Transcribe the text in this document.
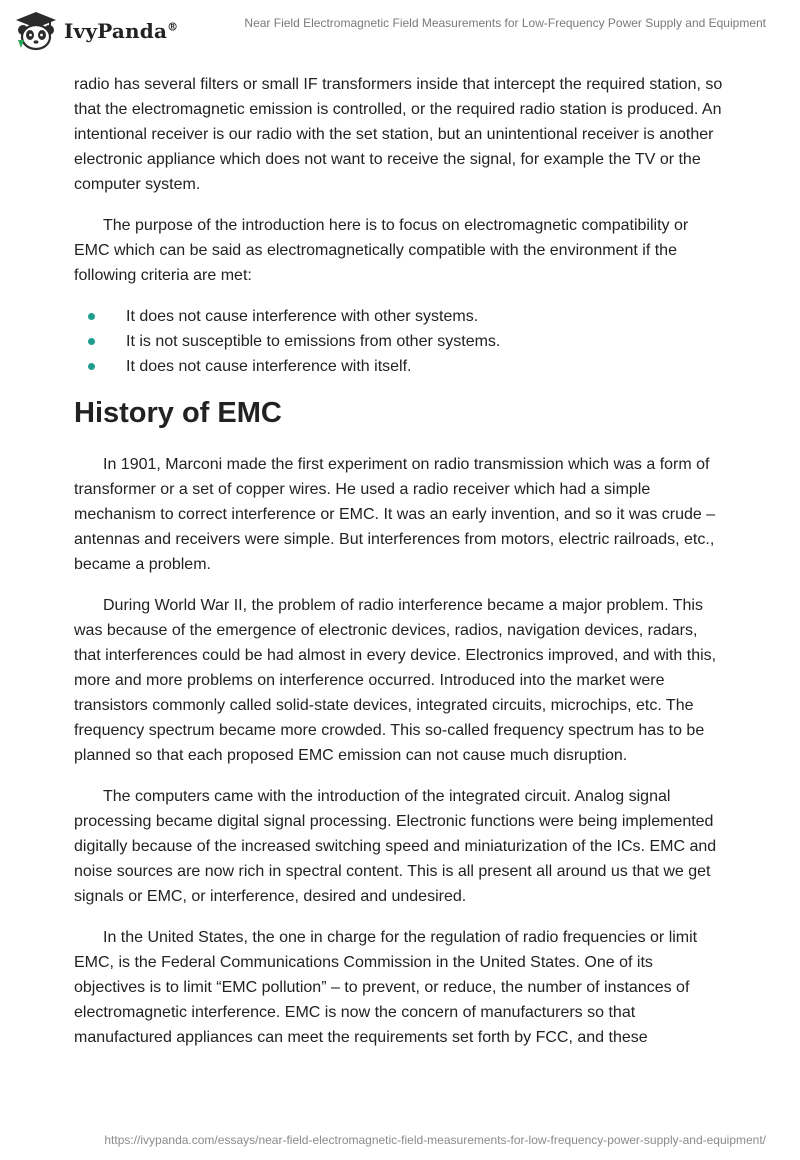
IvyPanda®	Near Field Electromagnetic Field Measurements for Low-Frequency Power Supply and Equipment

radio has several filters or small IF transformers inside that intercept the required station, so that the electromagnetic emission is controlled, or the required radio station is produced. An intentional receiver is our radio with the set station, but an unintentional receiver is another electronic appliance which does not want to receive the signal, for example the TV or the computer system.

The purpose of the introduction here is to focus on electromagnetic compatibility or EMC which can be said as electromagnetically compatible with the environment if the following criteria are met:

It does not cause interference with other systems.
It is not susceptible to emissions from other systems.
It does not cause interference with itself.
History of EMC

In 1901, Marconi made the first experiment on radio transmission which was a form of transformer or a set of copper wires. He used a radio receiver which had a simple mechanism to correct interference or EMC. It was an early invention, and so it was crude – antennas and receivers were simple. But interferences from motors, electric railroads, etc., became a problem.

During World War II, the problem of radio interference became a major problem. This was because of the emergence of electronic devices, radios, navigation devices, radars, that interferences could be had almost in every device. Electronics improved, and with this, more and more problems on interference occurred. Introduced into the market were transistors commonly called solid-state devices, integrated circuits, microchips, etc. The frequency spectrum became more crowded. This so-called frequency spectrum has to be planned so that each proposed EMC emission can not cause much disruption.

The computers came with the introduction of the integrated circuit. Analog signal processing became digital signal processing. Electronic functions were being implemented digitally because of the increased switching speed and miniaturization of the ICs. EMC and noise sources are now rich in spectral content. This is all present all around us that we get signals or EMC, or interference, desired and undesired.

In the United States, the one in charge for the regulation of radio frequencies or limit EMC, is the Federal Communications Commission in the United States. One of its objectives is to limit “EMC pollution” – to prevent, or reduce, the number of instances of electromagnetic interference. EMC is now the concern of manufacturers so that manufactured appliances can meet the requirements set forth by FCC, and these

https://ivypanda.com/essays/near-field-electromagnetic-field-measurements-for-low-frequency-power-supply-and-equipment/
